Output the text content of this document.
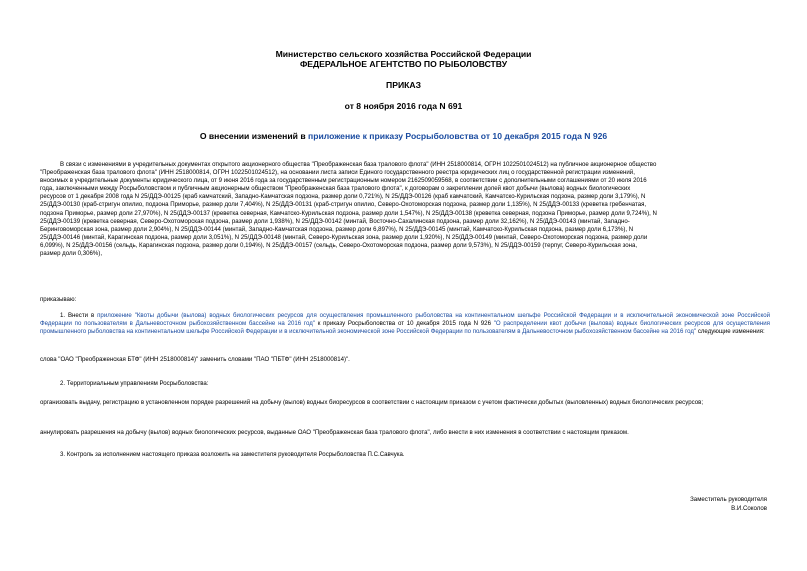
Министерство сельского хозяйства Российской Федерации
ФЕДЕРАЛЬНОЕ АГЕНТСТВО ПО РЫБОЛОВСТВУ
ПРИКАЗ
от 8 ноября 2016 года N 691
О внесении изменений в приложение к приказу Росрыболовства от 10 декабря 2015 года N 926
В связи с изменениями в учредительных документах открытого акционерного общества "Преображенская база тралового флота" (ИНН 2518000814, ОГРН 1022501024512) на публичное акционерное общество
"Преображенская база тралового флота" (ИНН 2518000814, ОГРН 1022501024512), на основании листа записи Единого государственного реестра юридических лиц о государственной регистрации изменений,
вносимых в учредительные документы юридического лица, от 9 июня 2016 года за государственным регистрационным номером 2162509059568, в соответствии с дополнительными соглашениями от 20 июля 2016
года, заключенными между Росрыболовством и публичным акционерным обществом "Преображенская база тралового флота", к договорам о закреплении долей квот добычи (вылова) водных биологических
ресурсов от 1 декабря 2008 года N 25/ДДЭ-00125 (краб камчатский, Западно-Камчатская подзона, размер доли 0,721%), N 25/ДДЭ-00126 (краб камчатский, Камчатско-Курильская подзона, размер доли 3,179%), N
25/ДДЭ-00130 (краб-стригун опилио, подзона Приморье, размер доли 7,404%), N 25/ДДЭ-00131 (краб-стригун опилио, Северо-Охотоморская подзона, размер доли 1,135%), N 25/ДДЭ-00133 (креветка гребенчатая,
подзона Приморье, размер доли 27,970%), N 25/ДДЭ-00137 (креветка северная, Камчатско-Курильская подзона, размер доли 1,547%), N 25/ДДЭ-00138 (креветка северная, подзона Приморье, размер доли 9,724%), N
25/ДДЭ-00139 (креветка северная, Северо-Охотоморская подзона, размер доли 1,938%), N 25/ДДЭ-00142 (минтай, Восточно-Сахалинская подзона, размер доли 32,162%), N 25/ДДЭ-00143 (минтай, Западно-
Беринговоморская зона, размер доли 2,904%), N 25/ДДЭ-00144 (минтай, Западно-Камчатская подзона, размер доли 6,897%), N 25/ДДЭ-00145 (минтай, Камчатско-Курильская подзона, размер доли 6,173%), N
25/ДДЭ-00146 (минтай, Карагинская подзона, размер доли 3,051%), N 25/ДДЭ-00148 (минтай, Северо-Курильская зона, размер доли 1,920%), N 25/ДДЭ-00149 (минтай, Северо-Охотоморская подзона, размер доли
6,099%), N 25/ДДЭ-00156 (сельдь, Карагинская подзона, размер доли 0,194%), N 25/ДДЭ-00157 (сельдь, Северо-Охотоморская подзона, размер доли 9,573%), N 25/ДДЭ-00159 (терпуг, Северо-Курильская зона,
размер доли 0,306%),
приказываю:
1. Внести в приложение "Квоты добычи (вылова) водных биологических ресурсов для осуществления промышленного рыболовства на континентальном шельфе Российской Федерации и в исключительной экономической зоне Российской Федерации по пользователям в Дальневосточном рыбохозяйственном бассейне на 2016 год" к приказу Росрыболовства от 10 декабря 2015 года N 926 "О распределении квот добычи (вылова) водных биологических ресурсов для осуществления промышленного рыболовства на континентальном шельфе Российской Федерации и в исключительной экономической зоне Российской Федерации по пользователям в Дальневосточном рыбохозяйственном бассейне на 2016 год" следующие изменения:
слова "ОАО "Преображенская БТФ" (ИНН 2518000814)" заменить словами "ПАО "ПБТФ" (ИНН 2518000814)".
2. Территориальным управлениям Росрыболовства:
организовать выдачу, регистрацию в установленном порядке разрешений на добычу (вылов) водных биоресурсов в соответствии с настоящим приказом с учетом фактически добытых (выловленных) водных биологических ресурсов;
аннулировать разрешения на добычу (вылов) водных биологических ресурсов, выданные ОАО "Преображенская база тралового флота", либо внести в них изменения в соответствии с настоящим приказом.
3. Контроль за исполнением настоящего приказа возложить на заместителя руководителя Росрыболовства П.С.Савчука.
Заместитель руководителя
В.И.Соколов
